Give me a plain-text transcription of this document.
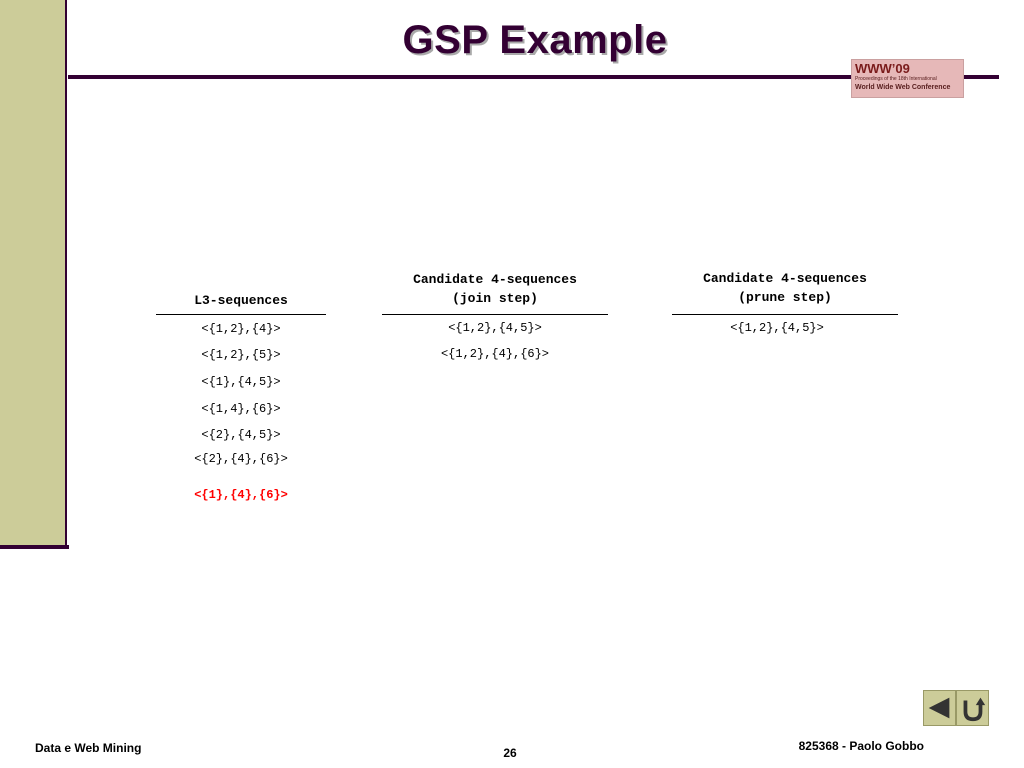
GSP Example
WWW’09
Proceedings of the 18th International
World Wide Web Conference
L3-sequences
<{1,2},{4}>
<{1,2},{5}>
<{1},{4,5}>
<{1,4},{6}>
<{2},{4,5}>
<{2},{4},{6}>
<{1},{4},{6}>
Candidate 4-sequences
(join step)
<{1,2},{4,5}>
<{1,2},{4},{6}>
Candidate 4-sequences
(prune step)
<{1,2},{4,5}>
Data e Web Mining	26	825368 - Paolo Gobbo
